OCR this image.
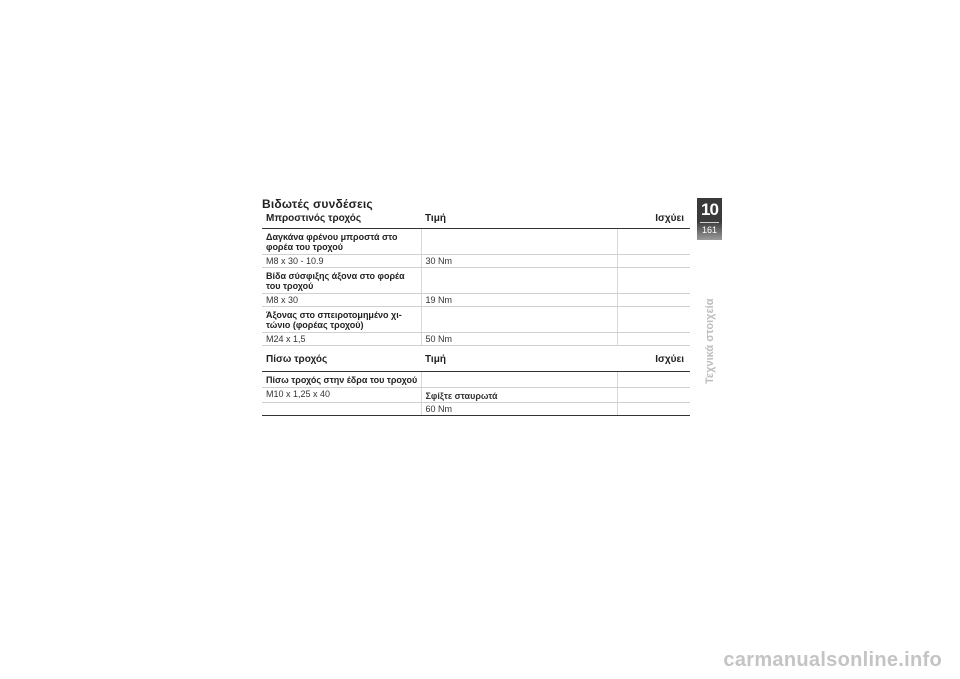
Βιδωτές συνδέσεις
Μπροστινός τροχός	Τιμή	Ισχύει
Δαγκάνα φρένου μπροστά στο φορέα του τροχού		
M8 x 30 - 10.9	30 Nm	
Βίδα σύσφιξης άξονα στο φορέα του τροχού		
M8 x 30	19 Nm	
Άξονας στο σπειροτομημένο χι-τώνιο (φορέας τροχού)		
M24 x 1,5	50 Nm	
Πίσω τροχός	Τιμή	Ισχύει
Πίσω τροχός στην έδρα του τροχού		
M10 x 1,25 x 40	Σφίξτε σταυρωτά	
	60 Nm	
10
161
Τεχνικά στοιχεία
carmanualsonline.info
